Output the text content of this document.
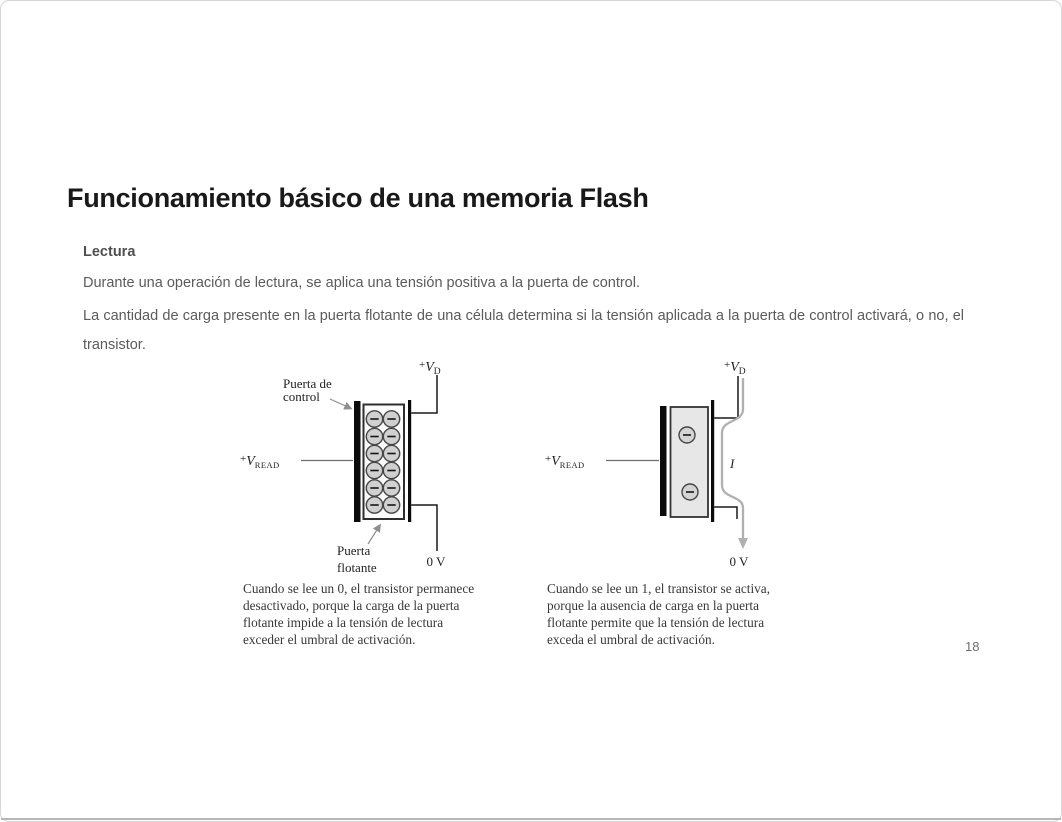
Funcionamiento básico de una memoria Flash
Lectura

Durante una operación de lectura, se aplica una tensión positiva a la puerta de control.

La cantidad de carga presente en la puerta flotante de una célula determina si la tensión aplicada a la puerta de control activará, o no, el transistor.

$^+V_{READ}$
$^+V_D$
0 V
Puerta de
control
Puerta
flotante
$^+V_{READ}$
$^+V_D$
I
0 V
Cuando se lee un 0, el transistor permanece
desactivado, porque la carga de la puerta
flotante impide a la tensión de lectura
exceder el umbral de activación.
Cuando se lee un 1, el transistor se activa,
porque la ausencia de carga en la puerta
flotante permite que la tensión de lectura
exceda el umbral de activación.	18
